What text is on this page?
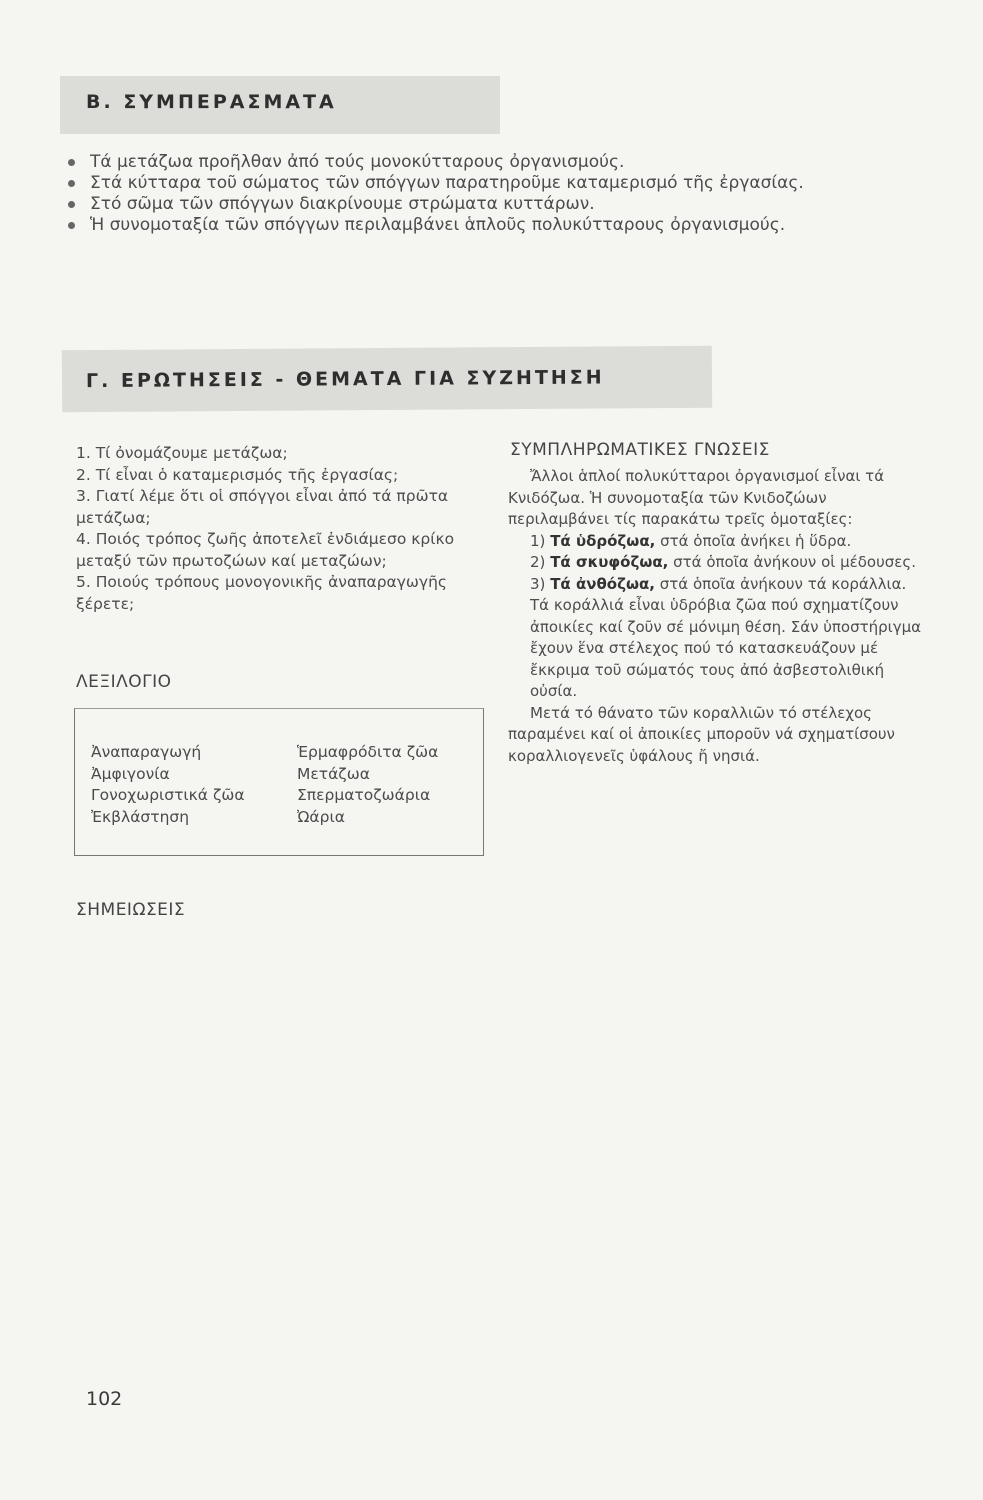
Β. ΣΥΜΠΕΡΑΣΜΑΤΑ
Τά μετάζωα προῆλθαν ἀπό τούς μονοκύτταρους ὀργανισμούς.
Στά κύτταρα τοῦ σώματος τῶν σπόγγων παρατηροῦμε καταμερισμό τῆς ἐργασίας.
Στό σῶμα τῶν σπόγγων διακρίνουμε στρώματα κυττάρων.
Ἡ συνομοταξία τῶν σπόγγων περιλαμβάνει ἁπλοῦς πολυκύτταρους ὀργανισμούς.
Γ. ΕΡΩΤΗΣΕΙΣ - ΘΕΜΑΤΑ ΓΙΑ ΣΥΖΗΤΗΣΗ
1. Τί ὀνομάζουμε μετάζωα;
2. Τί εἶναι ὁ καταμερισμός τῆς ἐργασίας;
3. Γιατί λέμε ὅτι οἱ σπόγγοι εἶναι ἀπό τά πρῶτα μετάζωα;
4. Ποιός τρόπος ζωῆς ἀποτελεῖ ἐνδιάμεσο κρίκο μεταξύ τῶν πρωτοζώων καί μεταζώων;
5. Ποιούς τρόπους μονογονικῆς ἀναπαραγωγῆς ξέρετε;
ΛΕΞΙΛΟΓΙΟ
Ἀναπαραγωγή
Ἀμφιγονία
Γονοχωριστικά ζῶα
Ἐκβλάστηση
Ἑρμαφρόδιτα ζῶα
Μετάζωα
Σπερματοζωάρια
Ὠάρια
ΣΗΜΕΙΩΣΕΙΣ
ΣΥΜΠΛΗΡΩΜΑΤΙΚΕΣ ΓΝΩΣΕΙΣ

Ἄλλοι ἁπλοί πολυκύτταροι ὀργανισμοί εἶναι τά Κνιδόζωα. Ἡ συνομοταξία τῶν Κνιδοζώων περιλαμβάνει τίς παρακάτω τρεῖς ὁμοταξίες:

1) Τά ὑδρόζωα, στά ὁποῖα ἀνήκει ἡ ὕδρα.

2) Τά σκυφόζωα, στά ὁποῖα ἀνήκουν οἱ μέδουσες.

3) Τά ἀνθόζωα, στά ὁποῖα ἀνήκουν τά κοράλλια. Τά κοράλλιά εἶναι ὑδρόβια ζῶα πού σχηματίζουν ἀποικίες καί ζοῦν σέ μόνιμη θέση. Σάν ὑποστήριγμα ἔχουν ἕνα στέλεχος πού τό κατασκευάζουν μέ ἔκκριμα τοῦ σώματός τους ἀπό ἀσβεστολιθική οὐσία.

Μετά τό θάνατο τῶν κοραλλιῶν τό στέλεχος παραμένει καί οἱ ἀποικίες μποροῦν νά σχηματίσουν κοραλλιογενεῖς ὑφάλους ἤ νησιά.

102
